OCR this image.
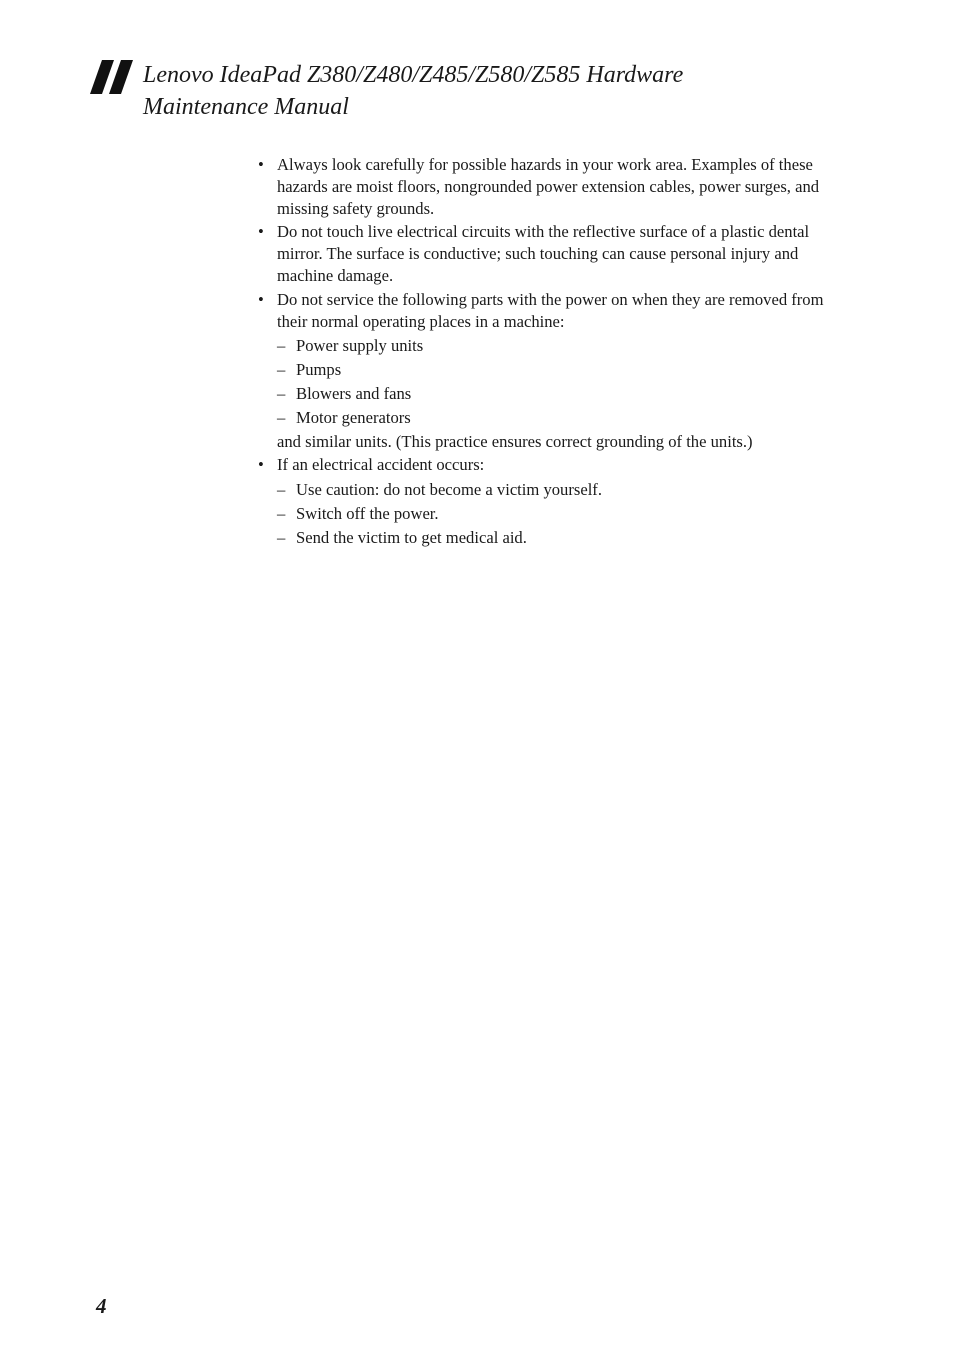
Lenovo IdeaPad Z380/Z480/Z485/Z580/Z585 Hardware
Maintenance Manual
• Always look carefully for possible hazards in your work area. Examples of these hazards are moist floors, nongrounded power extension cables, power surges, and missing safety grounds.
• Do not touch live electrical circuits with the reflective surface of a plastic dental mirror. The surface is conductive; such touching can cause personal injury and machine damage.
• Do not service the following parts with the power on when they are removed from their normal operating places in a machine:
– Power supply units
– Pumps
– Blowers and fans
– Motor generators
and similar units. (This practice ensures correct grounding of the units.)
• If an electrical accident occurs:
– Use caution: do not become a victim yourself.
– Switch off the power.
– Send the victim to get medical aid.
4
